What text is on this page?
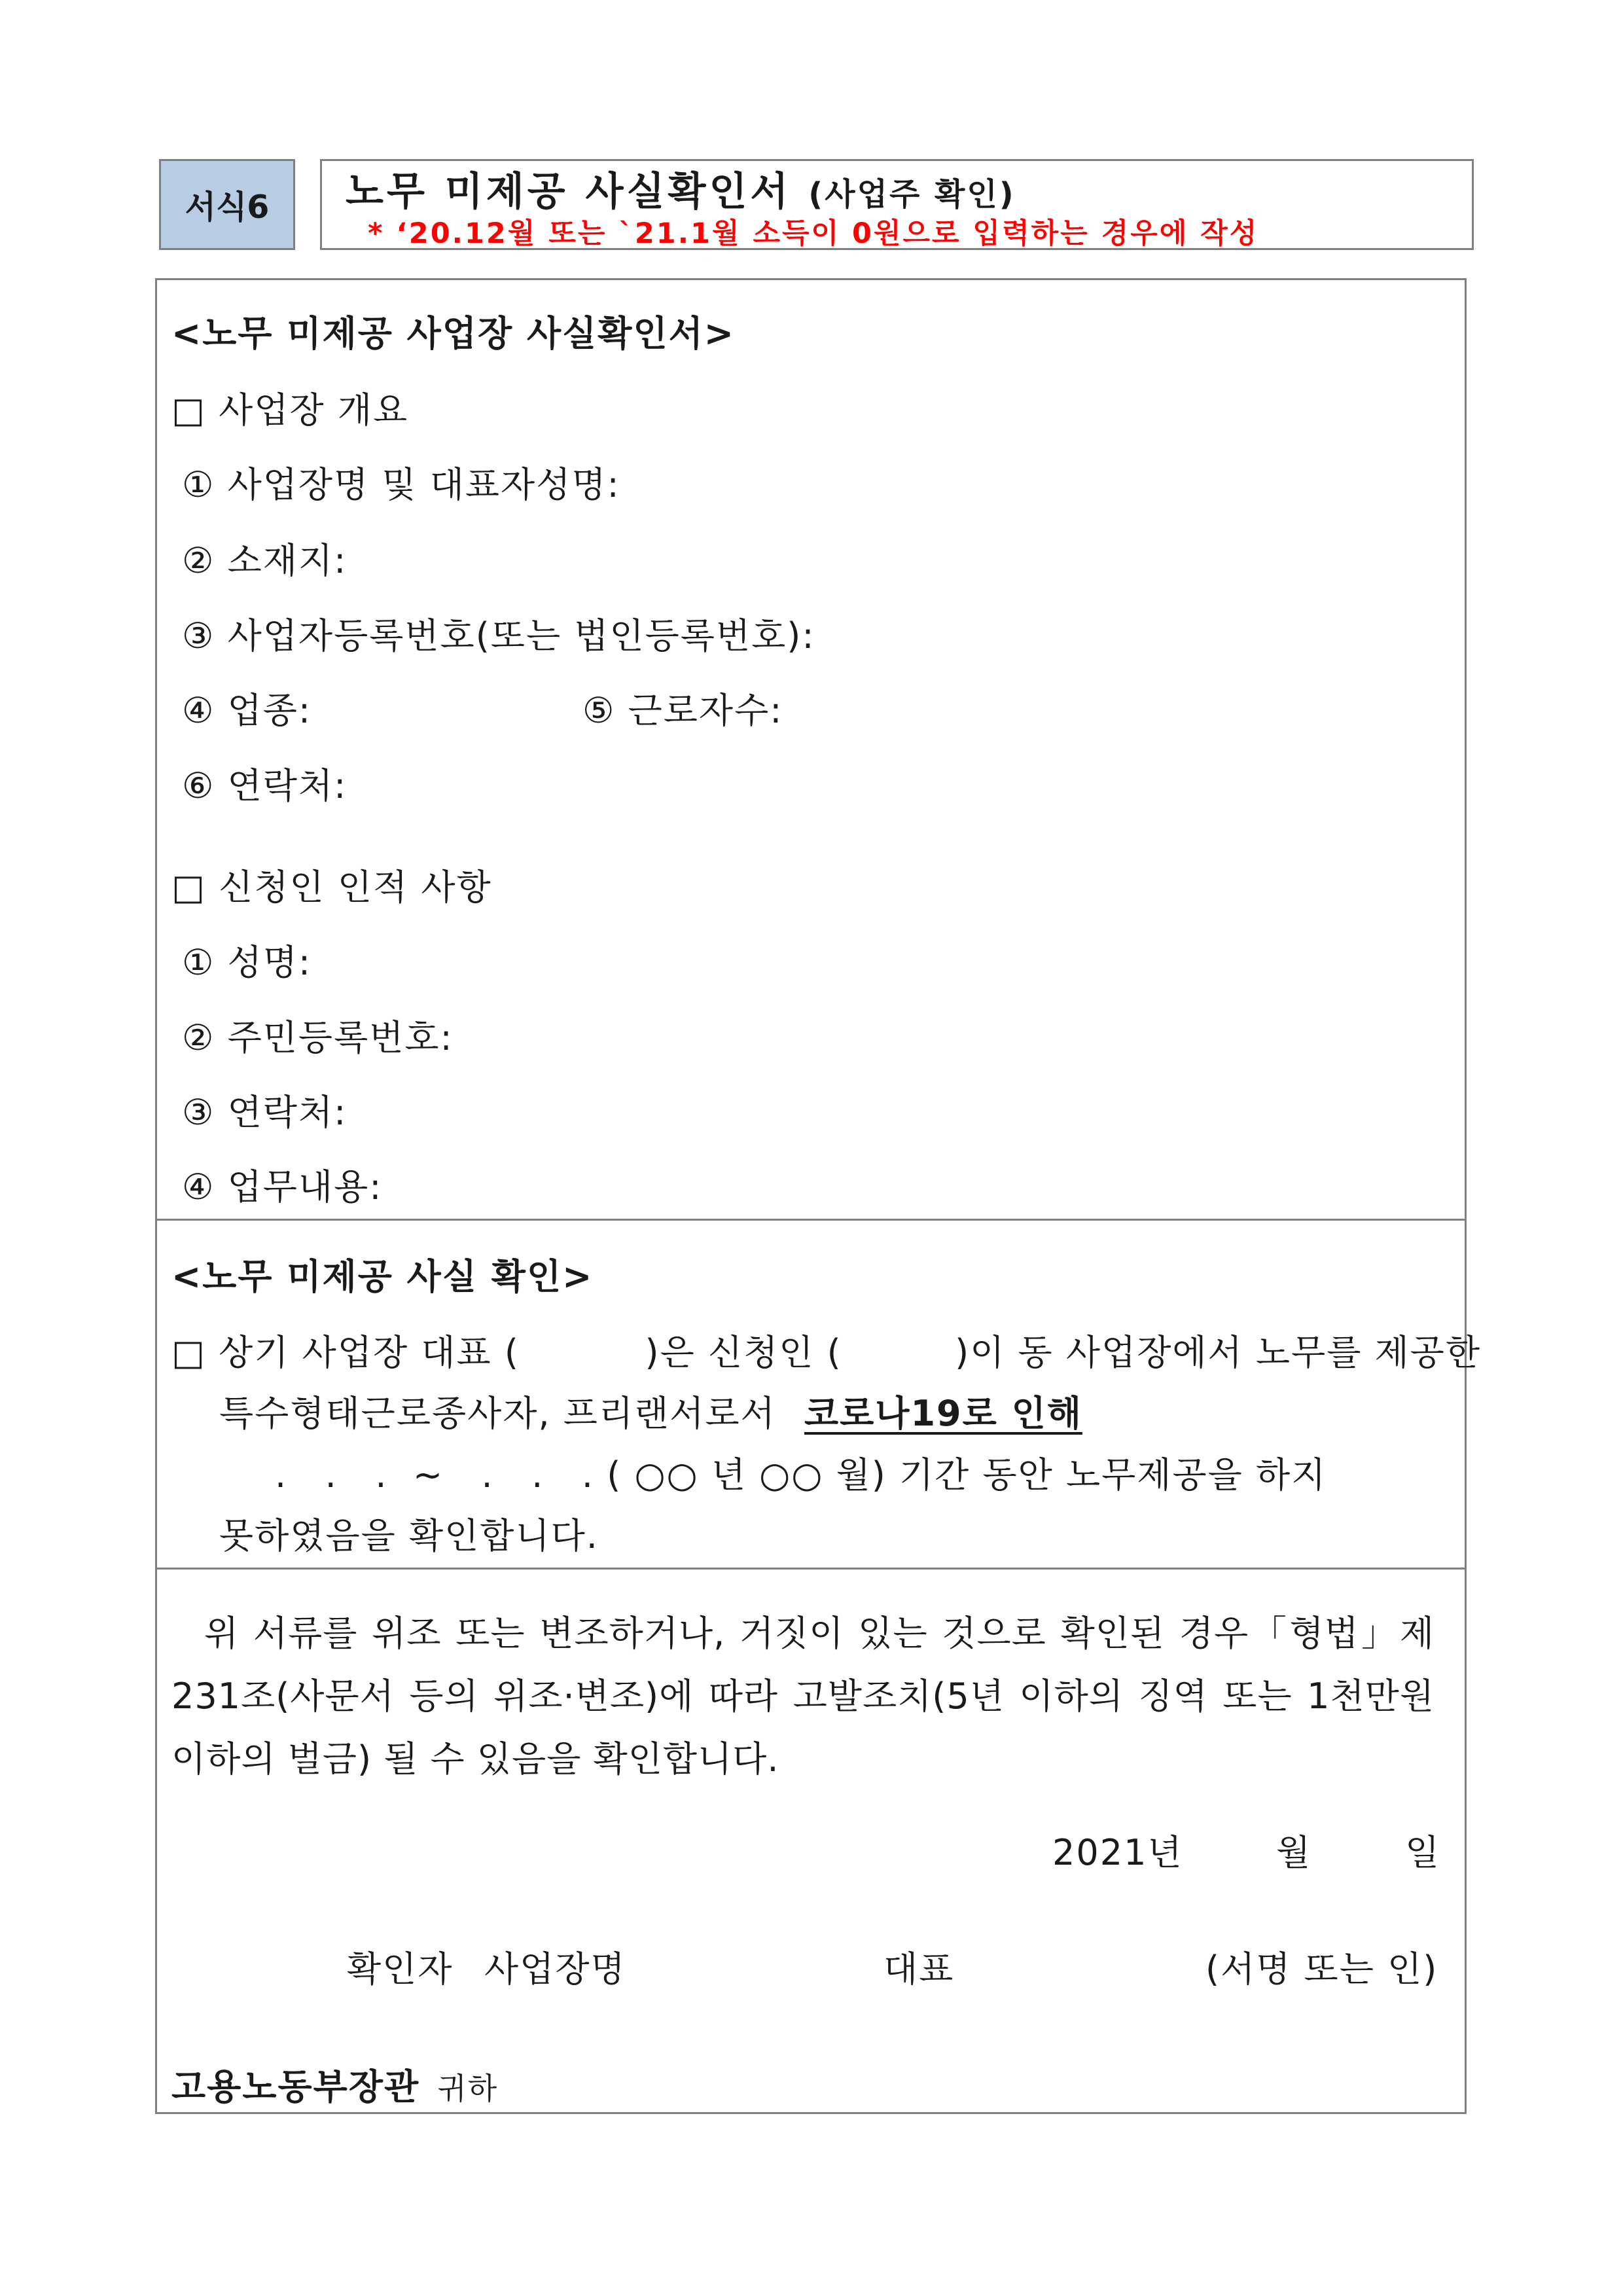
서식6 노무 미제공 사실확인서 (사업주 확인)
* ‘20.12월 또는 `21.1월 소득이 0원으로 입력하는 경우에 작성
<노무 미제공 사업장 사실확인서>
□ 사업장 개요
① 사업장명 및 대표자성명:
② 소재지:
③ 사업자등록번호(또는 법인등록번호):
④ 업종:	⑤ 근로자수:
⑥ 연락처:
□ 신청인 인적 사항
① 성명:
② 주민등록번호:
③ 연락처:
④ 업무내용:
<노무 미제공 사실 확인>
□ 상기 사업장 대표 (          )은 신청인 (         )이 동 사업장에서 노무를 제공한
특수형태근로종사자, 프리랜서로서 코로나19로 인해
.   .   .  ~   .   .   . ( ○○ 년 ○○ 월) 기간 동안 노무제공을 하지
못하였음을 확인합니다.
위 서류를 위조 또는 변조하거나, 거짓이 있는 것으로 확인된 경우「형법」제231조(사문서 등의 위조·변조)에 따라 고발조치(5년 이하의 징역 또는 1천만원 이하의 벌금) 될 수 있음을 확인합니다.
2021년	월	일
확인자 사업장명	대표	(서명 또는 인)
고용노동부장관 귀하
